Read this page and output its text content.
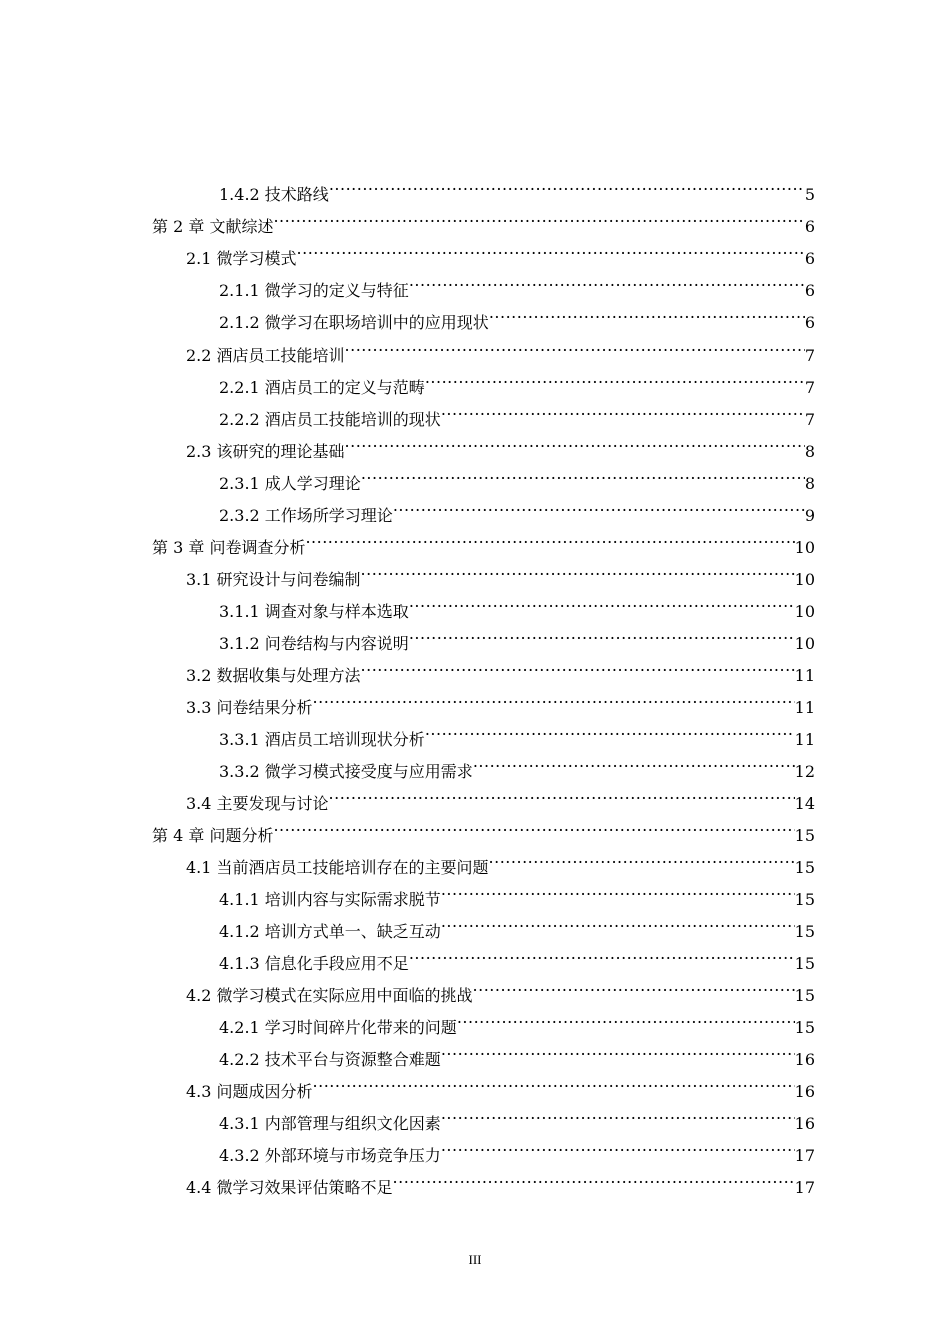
1.4.2 技术路线 .....	5
第 2 章 文献综述 .....	6
2.1 微学习模式 .....	6
2.1.1 微学习的定义与特征 .....	6
2.1.2 微学习在职场培训中的应用现状 .....	6
2.2 酒店员工技能培训 .....	7
2.2.1 酒店员工的定义与范畴 .....	7
2.2.2 酒店员工技能培训的现状 .....	7
2.3 该研究的理论基础 .....	8
2.3.1 成人学习理论 .....	8
2.3.2 工作场所学习理论 .....	9
第 3 章 问卷调查分析 .....	10
3.1 研究设计与问卷编制 .....	10
3.1.1 调查对象与样本选取 .....	10
3.1.2 问卷结构与内容说明 .....	10
3.2 数据收集与处理方法 .....	11
3.3 问卷结果分析 .....	11
3.3.1 酒店员工培训现状分析 .....	11
3.3.2 微学习模式接受度与应用需求 .....	12
3.4 主要发现与讨论 .....	14
第 4 章 问题分析 .....	15
4.1 当前酒店员工技能培训存在的主要问题 .....	15
4.1.1 培训内容与实际需求脱节 .....	15
4.1.2 培训方式单一、缺乏互动 .....	15
4.1.3 信息化手段应用不足 .....	15
4.2 微学习模式在实际应用中面临的挑战 .....	15
4.2.1 学习时间碎片化带来的问题 .....	15
4.2.2 技术平台与资源整合难题 .....	16
4.3 问题成因分析 .....	16
4.3.1 内部管理与组织文化因素 .....	16
4.3.2 外部环境与市场竞争压力 .....	17
4.4 微学习效果评估策略不足 .....	17
III
